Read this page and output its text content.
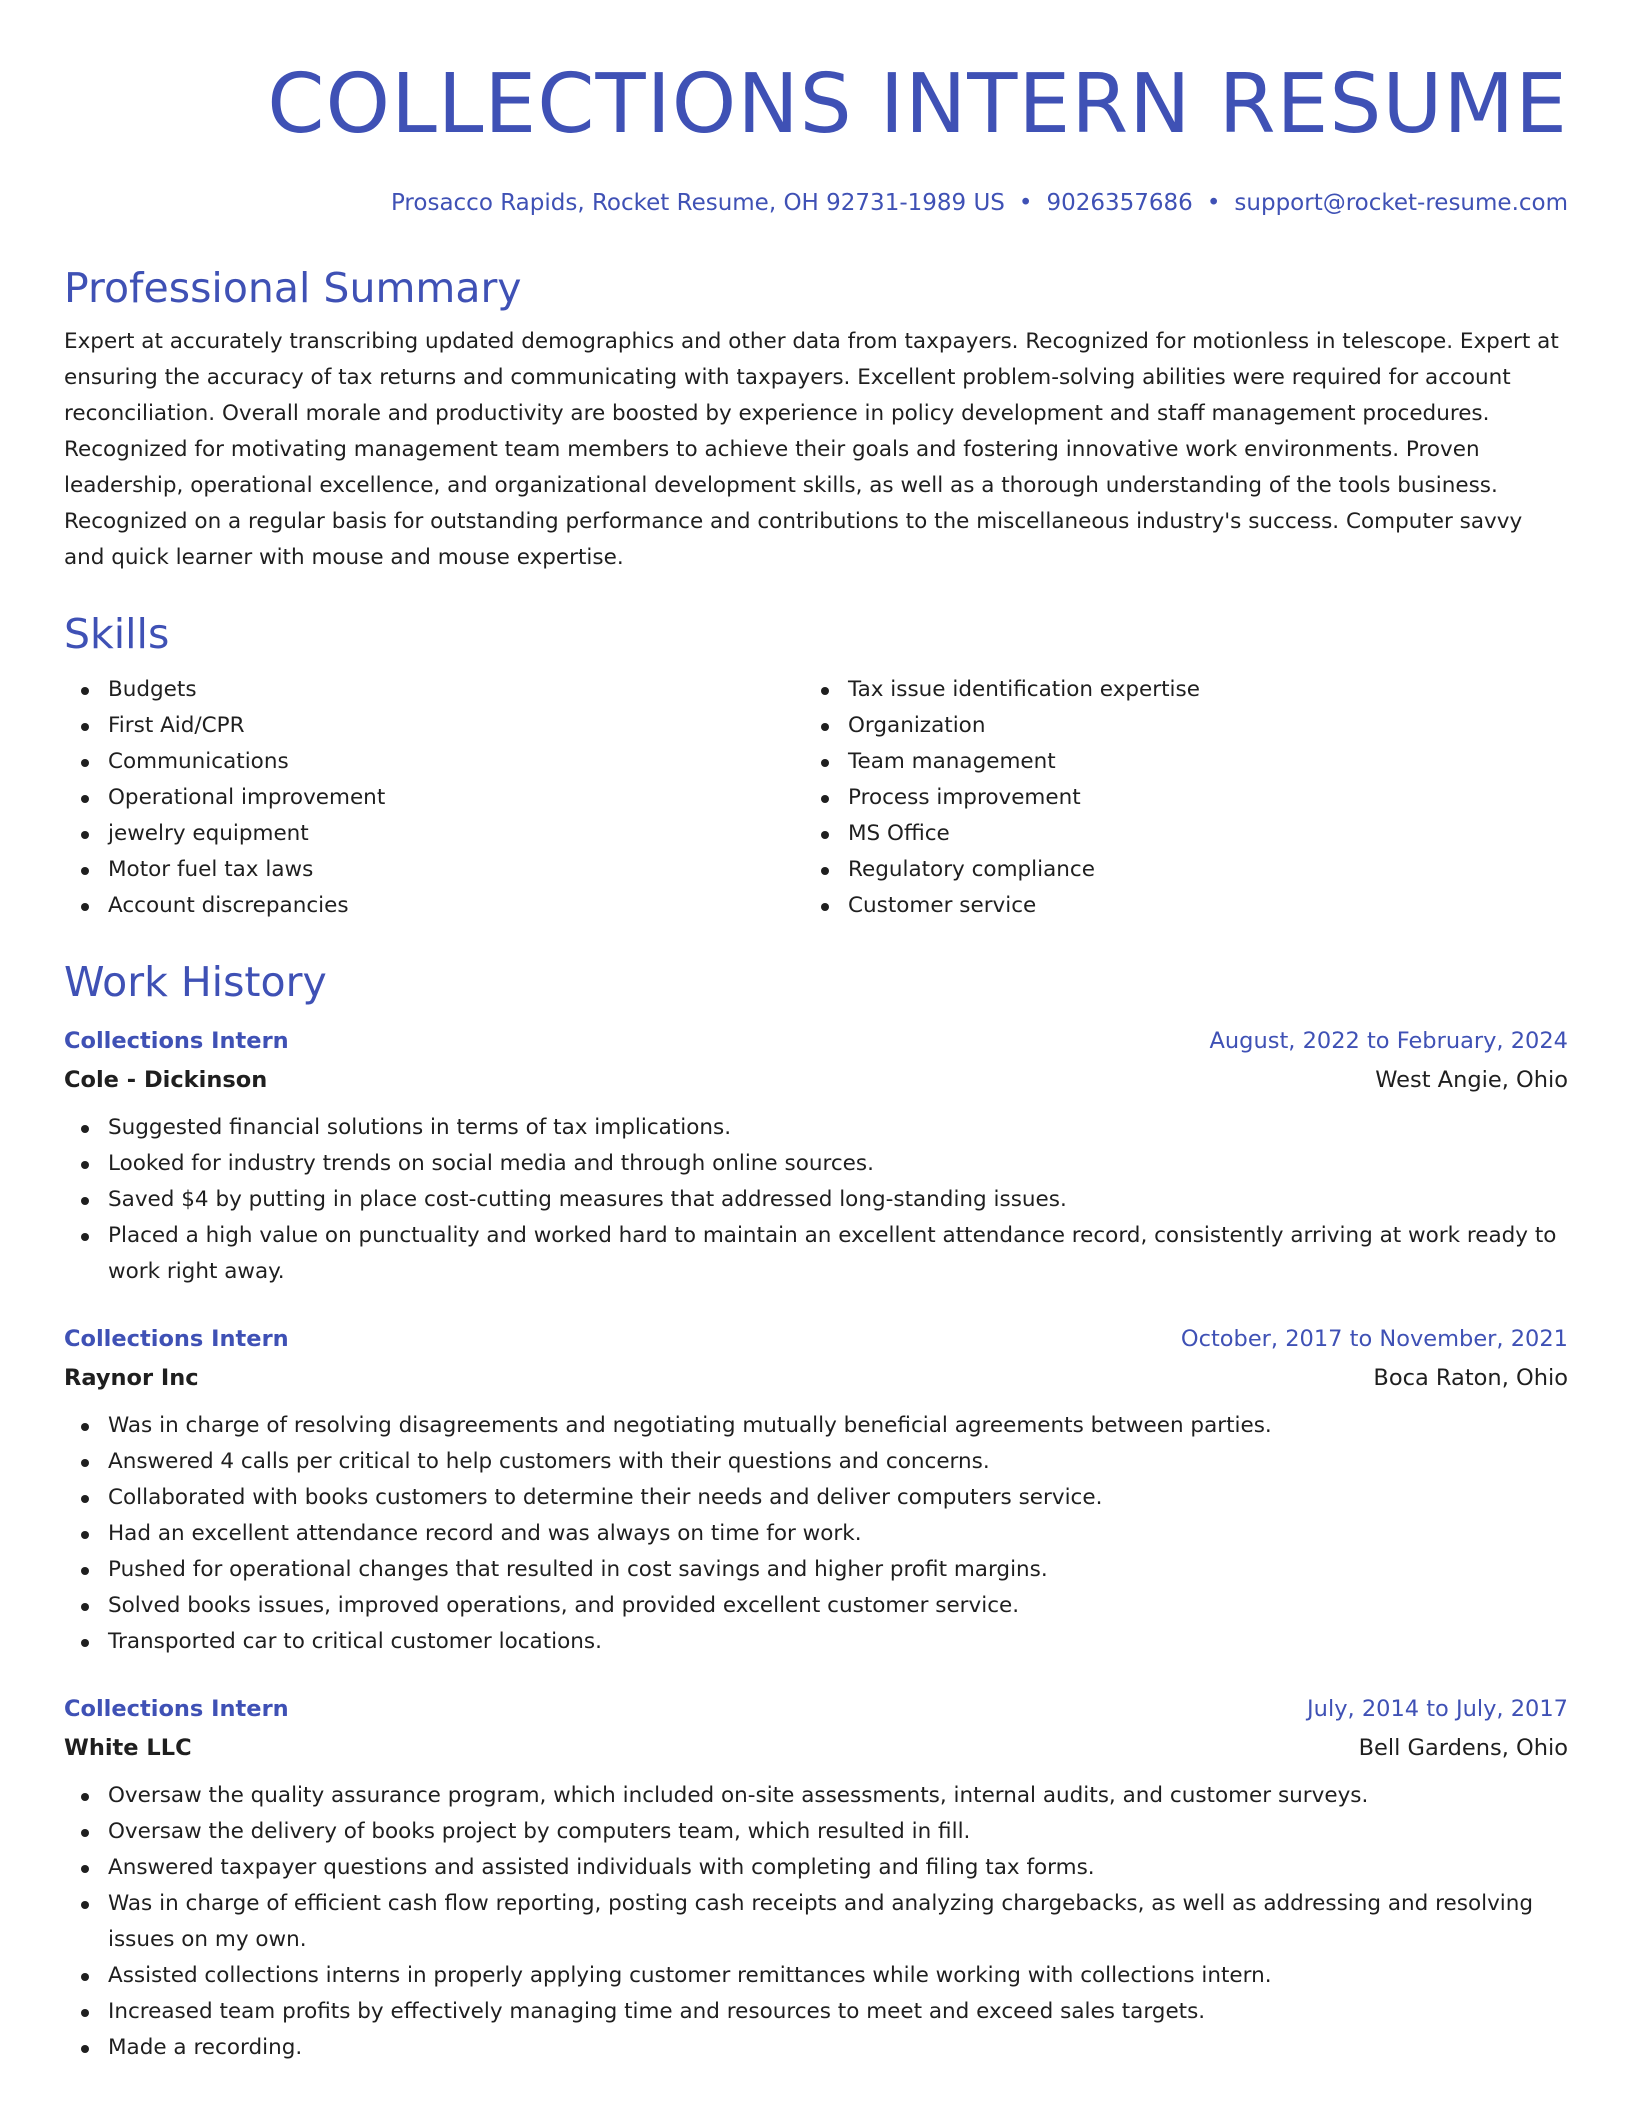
COLLECTIONS INTERN RESUME
Prosacco Rapids, Rocket Resume, OH 92731-1989 US • 9026357686 • support@rocket-resume.com
Professional Summary
Expert at accurately transcribing updated demographics and other data from taxpayers. Recognized for motionless in telescope. Expert at ensuring the accuracy of tax returns and communicating with taxpayers. Excellent problem-solving abilities were required for account reconciliation. Overall morale and productivity are boosted by experience in policy development and staff management procedures. Recognized for motivating management team members to achieve their goals and fostering innovative work environments. Proven leadership, operational excellence, and organizational development skills, as well as a thorough understanding of the tools business. Recognized on a regular basis for outstanding performance and contributions to the miscellaneous industry's success. Computer savvy and quick learner with mouse and mouse expertise.
Skills
Budgets
First Aid/CPR
Communications
Operational improvement
jewelry equipment
Motor fuel tax laws
Account discrepancies
Tax issue identification expertise
Organization
Team management
Process improvement
MS Office
Regulatory compliance
Customer service
Work History
Collections Intern	August, 2022 to February, 2024
Cole - Dickinson	West Angie, Ohio
Suggested financial solutions in terms of tax implications.
Looked for industry trends on social media and through online sources.
Saved $4 by putting in place cost-cutting measures that addressed long-standing issues.
Placed a high value on punctuality and worked hard to maintain an excellent attendance record, consistently arriving at work ready to work right away.
Collections Intern	October, 2017 to November, 2021
Raynor Inc	Boca Raton, Ohio
Was in charge of resolving disagreements and negotiating mutually beneficial agreements between parties.
Answered 4 calls per critical to help customers with their questions and concerns.
Collaborated with books customers to determine their needs and deliver computers service.
Had an excellent attendance record and was always on time for work.
Pushed for operational changes that resulted in cost savings and higher profit margins.
Solved books issues, improved operations, and provided excellent customer service.
Transported car to critical customer locations.
Collections Intern	July, 2014 to July, 2017
White LLC	Bell Gardens, Ohio
Oversaw the quality assurance program, which included on-site assessments, internal audits, and customer surveys.
Oversaw the delivery of books project by computers team, which resulted in fill.
Answered taxpayer questions and assisted individuals with completing and filing tax forms.
Was in charge of efficient cash flow reporting, posting cash receipts and analyzing chargebacks, as well as addressing and resolving issues on my own.
Assisted collections interns in properly applying customer remittances while working with collections intern.
Increased team profits by effectively managing time and resources to meet and exceed sales targets.
Made a recording.
